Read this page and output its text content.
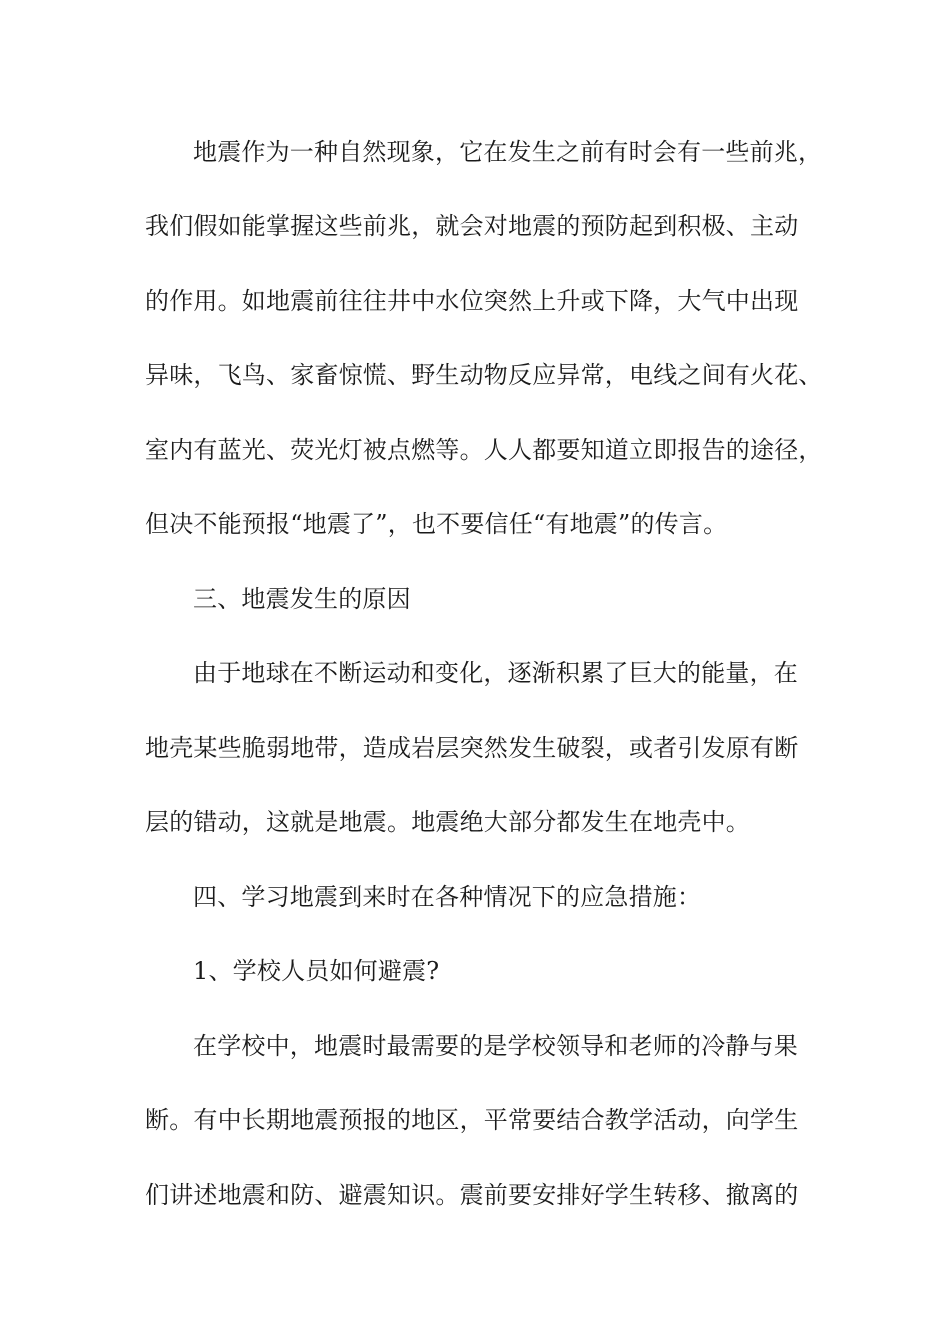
地震作为一种自然现象，它在发生之前有时会有一些前兆，
我们假如能掌握这些前兆，就会对地震的预防起到积极、主动
的作用。如地震前往往井中水位突然上升或下降，大气中出现
异味，飞鸟、家畜惊慌、野生动物反应异常，电线之间有火花、
室内有蓝光、荧光灯被点燃等。人人都要知道立即报告的途径，
但决不能预报“地震了”，也不要信任“有地震”的传言。
三、地震发生的原因
由于地球在不断运动和变化，逐渐积累了巨大的能量，在
地壳某些脆弱地带，造成岩层突然发生破裂，或者引发原有断
层的错动，这就是地震。地震绝大部分都发生在地壳中。
四、学习地震到来时在各种情况下的应急措施：
1、学校人员如何避震?
在学校中，地震时最需要的是学校领导和老师的冷静与果
断。有中长期地震预报的地区，平常要结合教学活动，向学生
们讲述地震和防、避震知识。震前要安排好学生转移、撤离的
